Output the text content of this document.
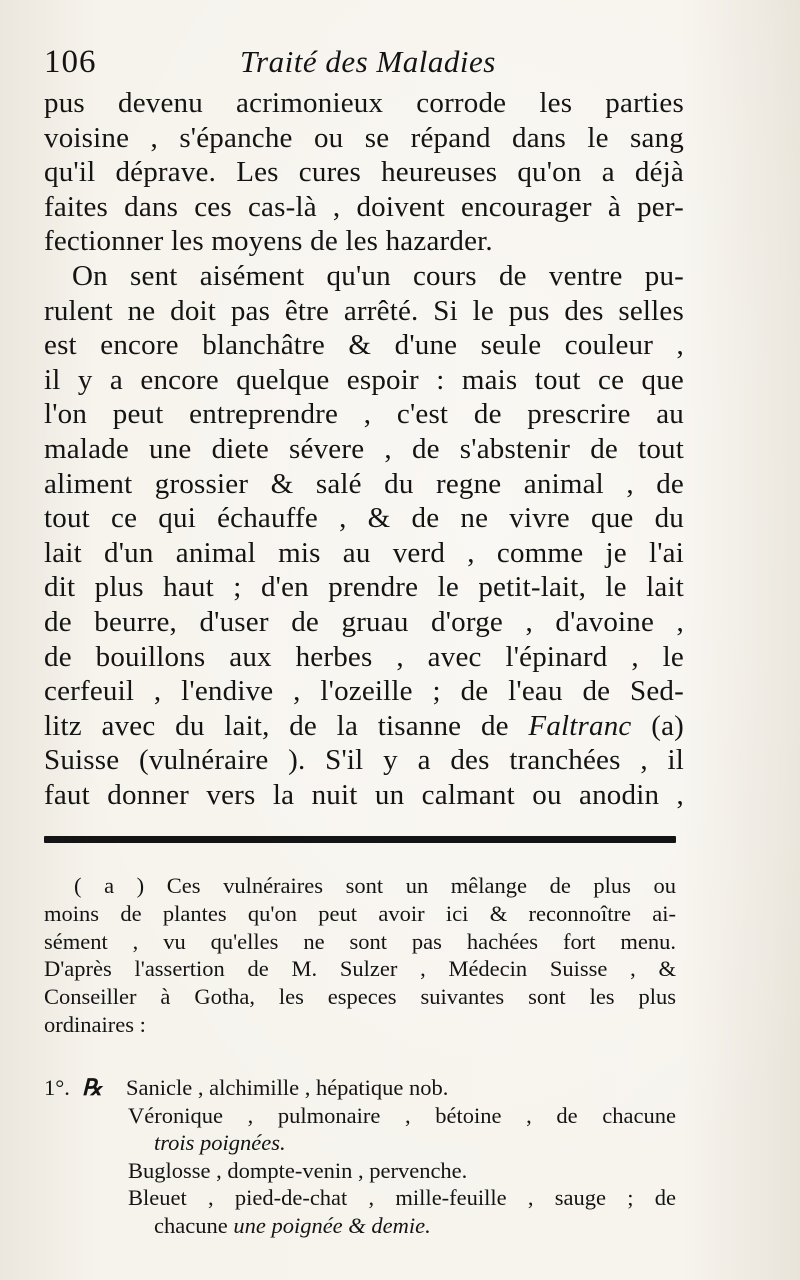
106	Traité des Maladies
pus devenu acrimonieux corrode les parties
voisine , s'épanche ou se répand dans le sang
qu'il déprave. Les cures heureuses qu'on a déjà
faites dans ces cas-là , doivent encourager à per-
fectionner les moyens de les hazarder.
On sent aisément qu'un cours de ventre pu-
rulent ne doit pas être arrêté. Si le pus des selles
est encore blanchâtre & d'une seule couleur ,
il y a encore quelque espoir : mais tout ce que
l'on peut entreprendre , c'est de prescrire au
malade une diete sévere , de s'abstenir de tout
aliment grossier & salé du regne animal , de
tout ce qui échauffe , & de ne vivre que du
lait d'un animal mis au verd , comme je l'ai
dit plus haut ; d'en prendre le petit-lait, le lait
de beurre, d'user de gruau d'orge , d'avoine ,
de bouillons aux herbes , avec l'épinard , le
cerfeuil , l'endive , l'ozeille ; de l'eau de Sed-
litz avec du lait, de la tisanne de Faltranc (a)
Suisse (vulnéraire ). S'il y a des tranchées , il
faut donner vers la nuit un calmant ou anodin ,
( a ) Ces vulnéraires sont un mêlange de plus ou
moins de plantes qu'on peut avoir ici & reconnoître ai-
sément , vu qu'elles ne sont pas hachées fort menu.
D'après l'assertion de M. Sulzer , Médecin Suisse , &
Conseiller à Gotha, les especes suivantes sont les plus
ordinaires :
1°. ℞ Sanicle , alchimille , hépatique nob.
Véronique , pulmonaire , bétoine , de chacune
trois poignées.
Buglosse , dompte-venin , pervenche.
Bleuet , pied-de-chat , mille-feuille , sauge ; de
chacune une poignée & demie.
